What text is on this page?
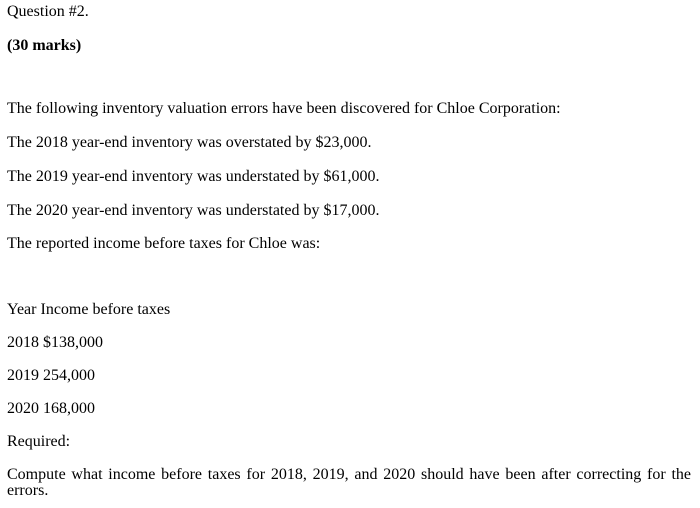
Question #2.
(30 marks)
The following inventory valuation errors have been discovered for Chloe Corporation:
The 2018 year-end inventory was overstated by $23,000.
The 2019 year-end inventory was understated by $61,000.
The 2020 year-end inventory was understated by $17,000.
The reported income before taxes for Chloe was:
Year Income before taxes
2018 $138,000
2019 254,000
2020 168,000
Required:
Compute what income before taxes for 2018, 2019, and 2020 should have been after correcting for the errors.
